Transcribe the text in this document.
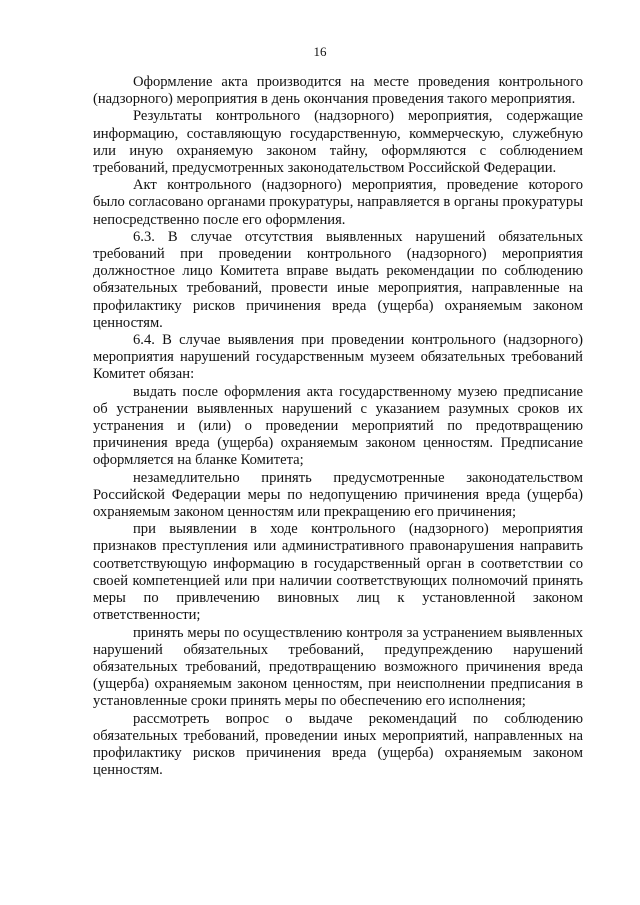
16

Оформление акта производится на месте проведения контрольного (надзорного) мероприятия в день окончания проведения такого мероприятия.

Результаты контрольного (надзорного) мероприятия, содержащие информацию, составляющую государственную, коммерческую, служебную или иную охраняемую законом тайну, оформляются с соблюдением требований, предусмотренных законодательством Российской Федерации.

Акт контрольного (надзорного) мероприятия, проведение которого было согласовано органами прокуратуры, направляется в органы прокуратуры непосредственно после его оформления.

6.3. В случае отсутствия выявленных нарушений обязательных требований при проведении контрольного (надзорного) мероприятия должностное лицо Комитета вправе выдать рекомендации по соблюдению обязательных требований, провести иные мероприятия, направленные на профилактику рисков причинения вреда (ущерба) охраняемым законом ценностям.

6.4. В случае выявления при проведении контрольного (надзорного) мероприятия нарушений государственным музеем обязательных требований Комитет обязан:

выдать после оформления акта государственному музею предписание об устранении выявленных нарушений с указанием разумных сроков их устранения и (или) о проведении мероприятий по предотвращению причинения вреда (ущерба) охраняемым законом ценностям. Предписание оформляется на бланке Комитета;

незамедлительно принять предусмотренные законодательством Российской Федерации меры по недопущению причинения вреда (ущерба) охраняемым законом ценностям или прекращению его причинения;

при выявлении в ходе контрольного (надзорного) мероприятия признаков преступления или административного правонарушения направить соответствующую информацию в государственный орган в соответствии со своей компетенцией или при наличии соответствующих полномочий принять меры по привлечению виновных лиц к установленной законом ответственности;

принять меры по осуществлению контроля за устранением выявленных нарушений обязательных требований, предупреждению нарушений обязательных требований, предотвращению возможного причинения вреда (ущерба) охраняемым законом ценностям, при неисполнении предписания в установленные сроки принять меры по обеспечению его исполнения;

рассмотреть вопрос о выдаче рекомендаций по соблюдению обязательных требований, проведении иных мероприятий, направленных на профилактику рисков причинения вреда (ущерба) охраняемым законом ценностям.
